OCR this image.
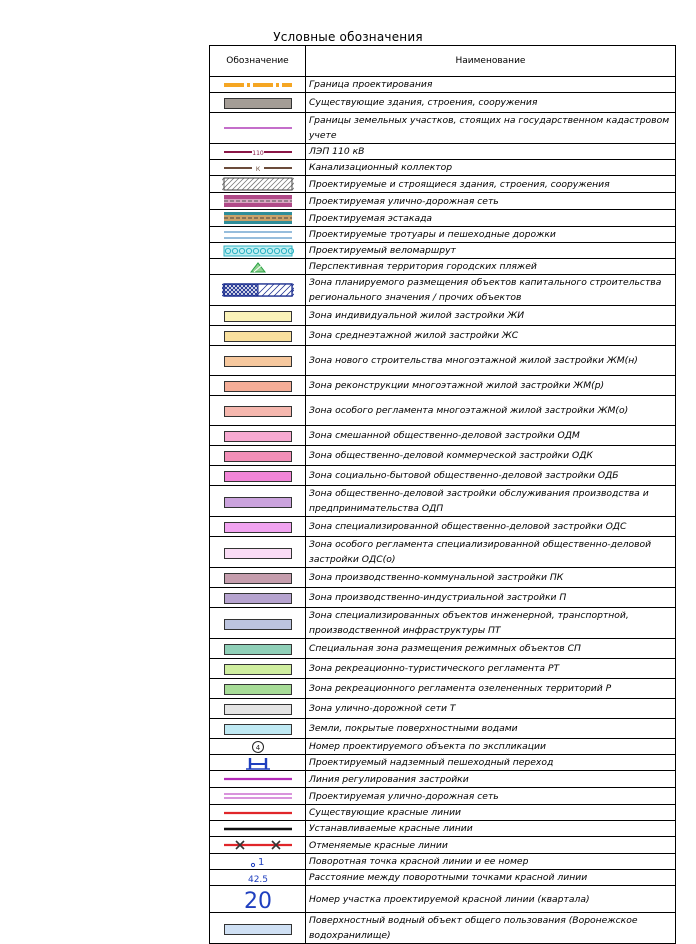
Условные обозначения
Обозначение	Наименование

	Граница проектирования
	Существующие здания, строения, сооружения

	Границы земельных участков, стоящих на государственном кадастровом учете

110	ЛЭП 110 кВ

К	Канализационный коллектор

	Проектируемые и строящиеся здания, строения, сооружения

	Проектируемая улично-дорожная сеть

	Проектируемая эстакада

	Проектируемые тротуары и пешеходные дорожки

	Проектируемый веломаршрут

	Перспективная территория городских пляжей

	Зона планируемого размещения объектов капитального строительства регионального значения / прочих объектов
	Зона индивидуальной жилой застройки ЖИ
	Зона среднеэтажной жилой застройки ЖС
	Зона нового строительства многоэтажной жилой застройки ЖМ(н)
	Зона реконструкции многоэтажной жилой застройки ЖМ(р)
	Зона особого регламента многоэтажной жилой застройки ЖМ(о)
	Зона смешанной общественно-деловой застройки ОДМ
	Зона общественно-деловой коммерческой застройки ОДК
	Зона социально-бытовой общественно-деловой застройки ОДБ
	Зона общественно-деловой застройки обслуживания производства и предпринимательства ОДП
	Зона специализированной общественно-деловой застройки ОДС
	Зона особого регламента специализированной общественно-деловой застройки ОДС(о)
	Зона производственно-коммунальной застройки ПК
	Зона производственно-индустриальной застройки П
	Зона специализированных объектов инженерной, транспортной, производственной инфраструктуры ПТ
	Специальная зона размещения режимных объектов СП
	Зона рекреационно-туристического регламента РТ
	Зона рекреационного регламента озелененных территорий Р
	Зона улично-дорожной сети Т
	Земли, покрытые поверхностными водами

4	Номер проектируемого объекта по экспликации

	Проектируемый надземный пешеходный переход

	Линия регулирования застройки

	Проектируемая улично-дорожная сеть

	Существующие красные линии

	Устанавливаемые красные линии

	Отменяемые красные линии

1	Поворотная точка красной линии и ее номер

42.5	Расстояние между поворотными точками красной линии

20	Номер участка проектируемой красной линии (квартала)
	Поверхностный водный объект общего пользования (Воронежское водохранилище)
